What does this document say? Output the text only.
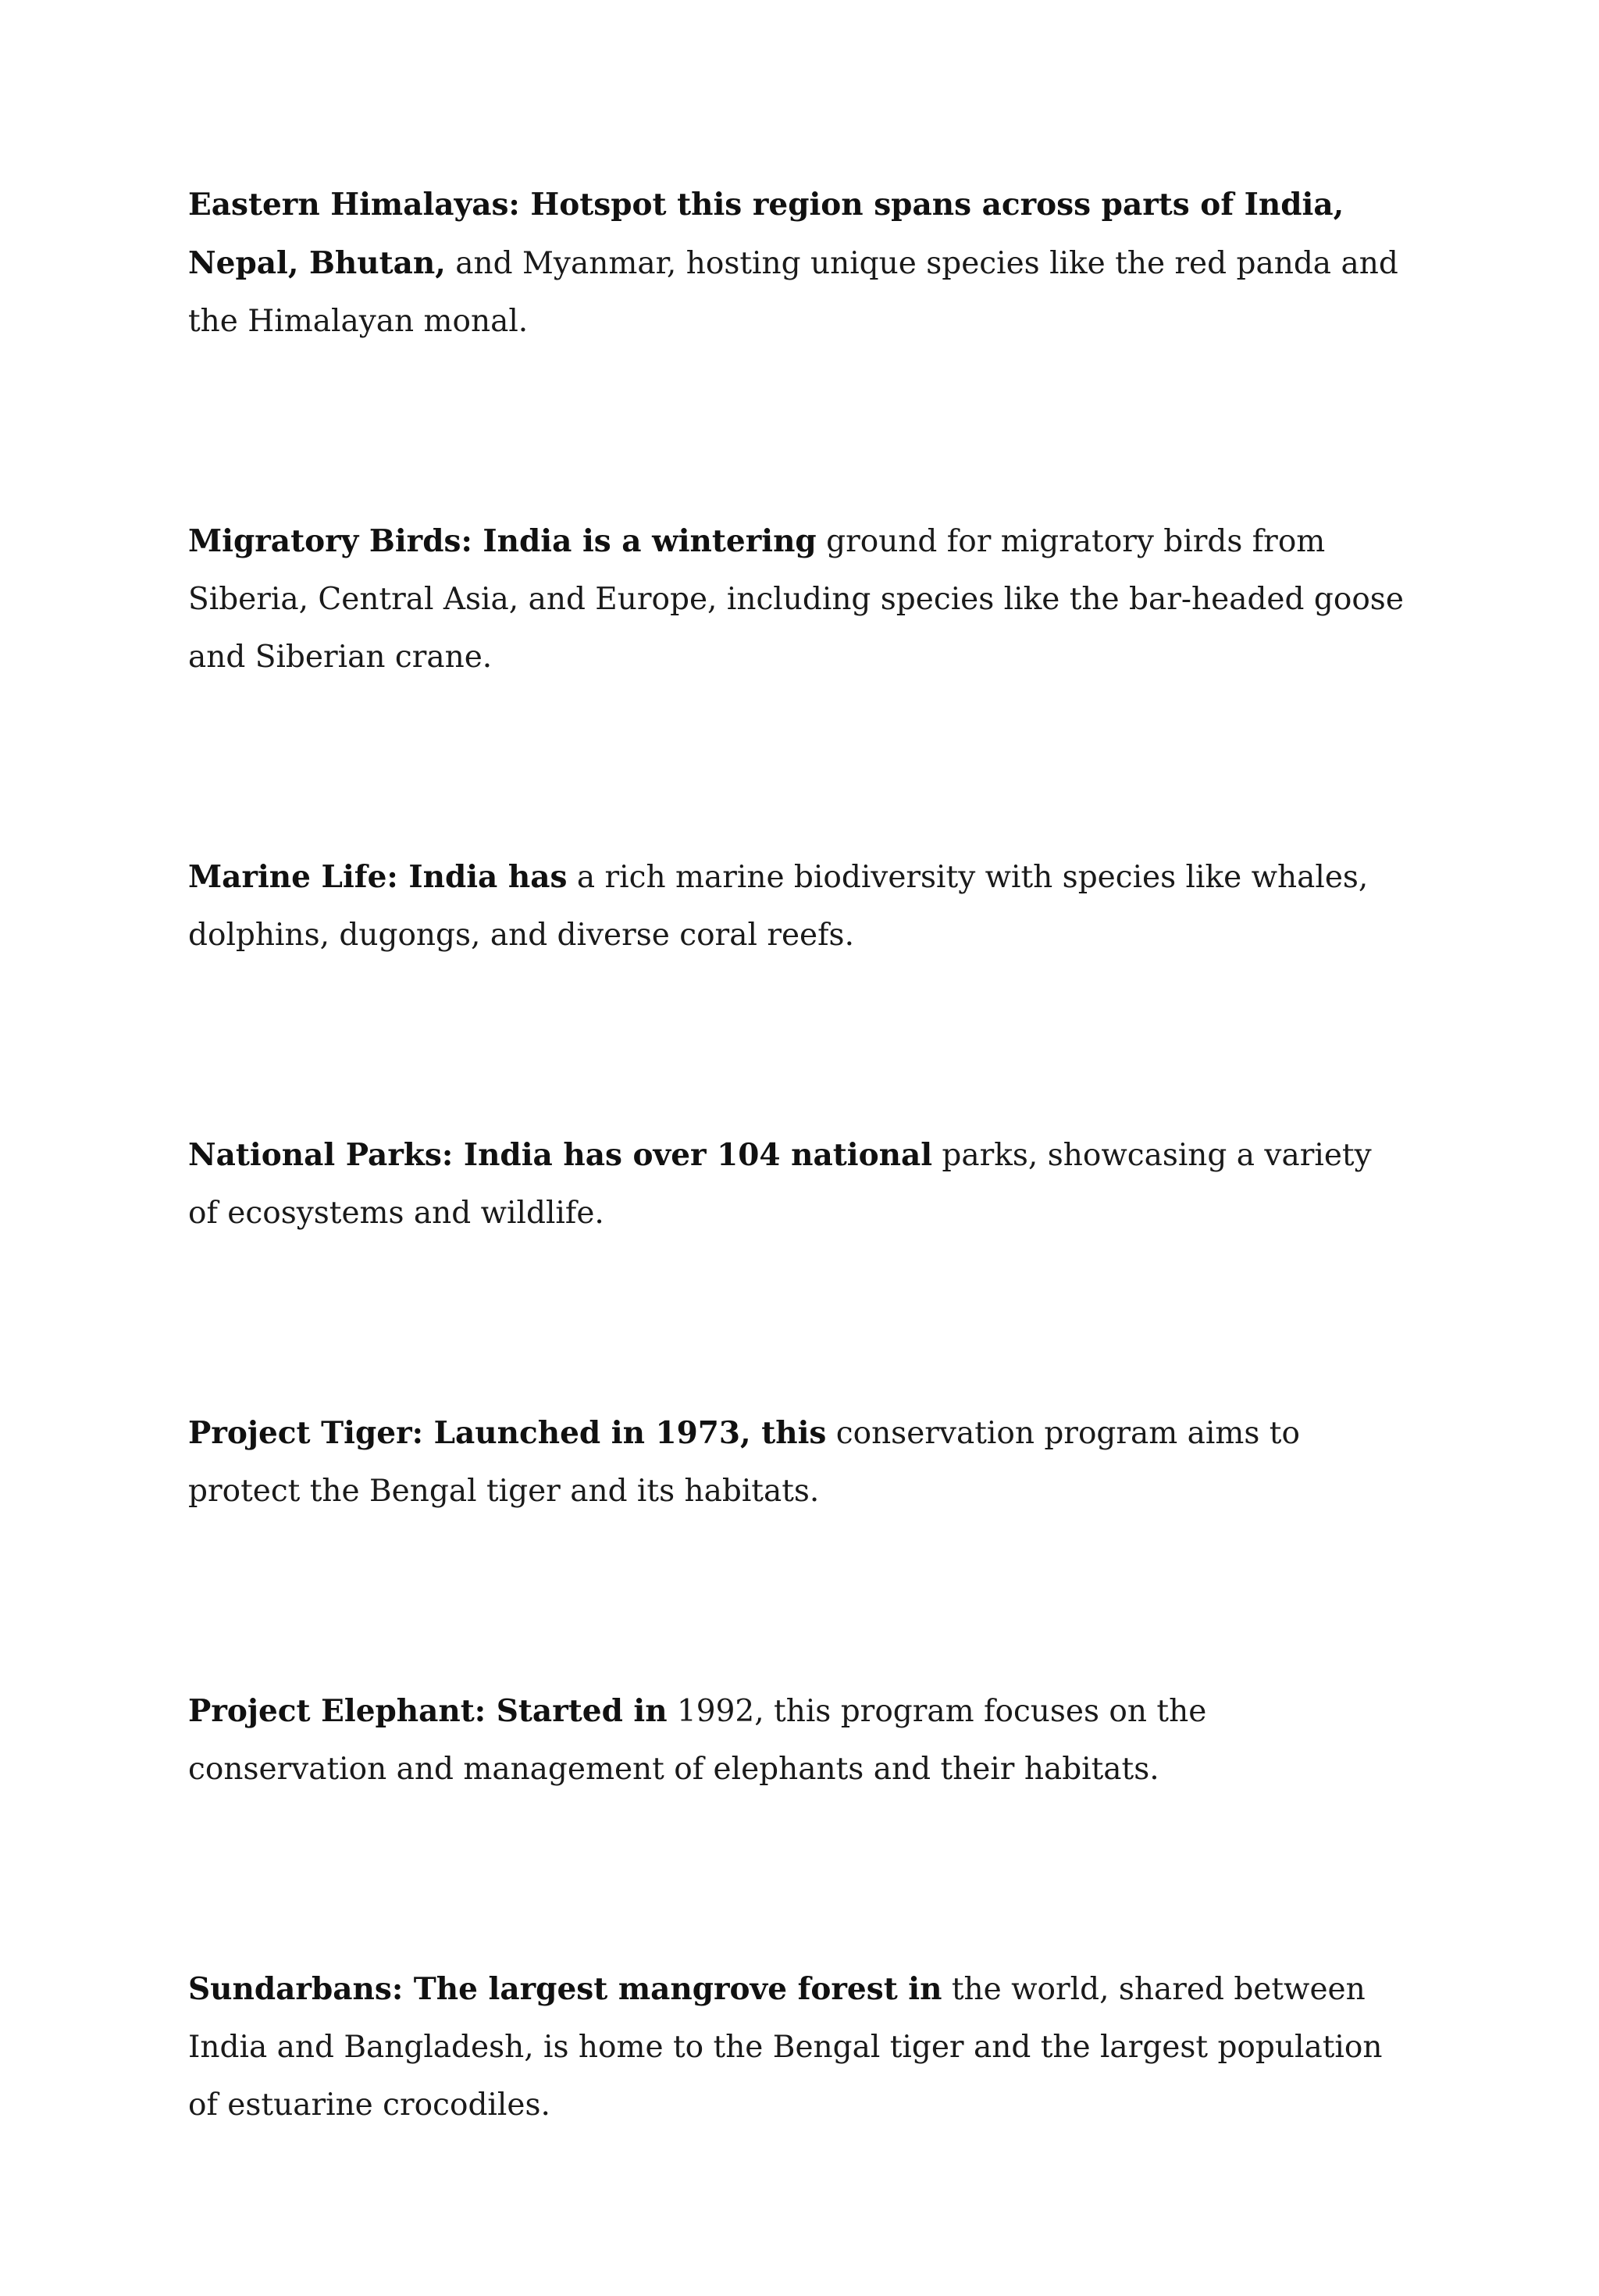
Eastern Himalayas: Hotspot this region spans across parts of India, Nepal, Bhutan, and Myanmar, hosting unique species like the red panda and the Himalayan monal.

Migratory Birds: India is a wintering ground for migratory birds from Siberia, Central Asia, and Europe, including species like the bar-headed goose and Siberian crane.

Marine Life: India has a rich marine biodiversity with species like whales, dolphins, dugongs, and diverse coral reefs.

National Parks: India has over 104 national parks, showcasing a variety of ecosystems and wildlife.

Project Tiger: Launched in 1973, this conservation program aims to protect the Bengal tiger and its habitats.

Project Elephant: Started in 1992, this program focuses on the conservation and management of elephants and their habitats.

Sundarbans: The largest mangrove forest in the world, shared between India and Bangladesh, is home to the Bengal tiger and the largest population of estuarine crocodiles.
